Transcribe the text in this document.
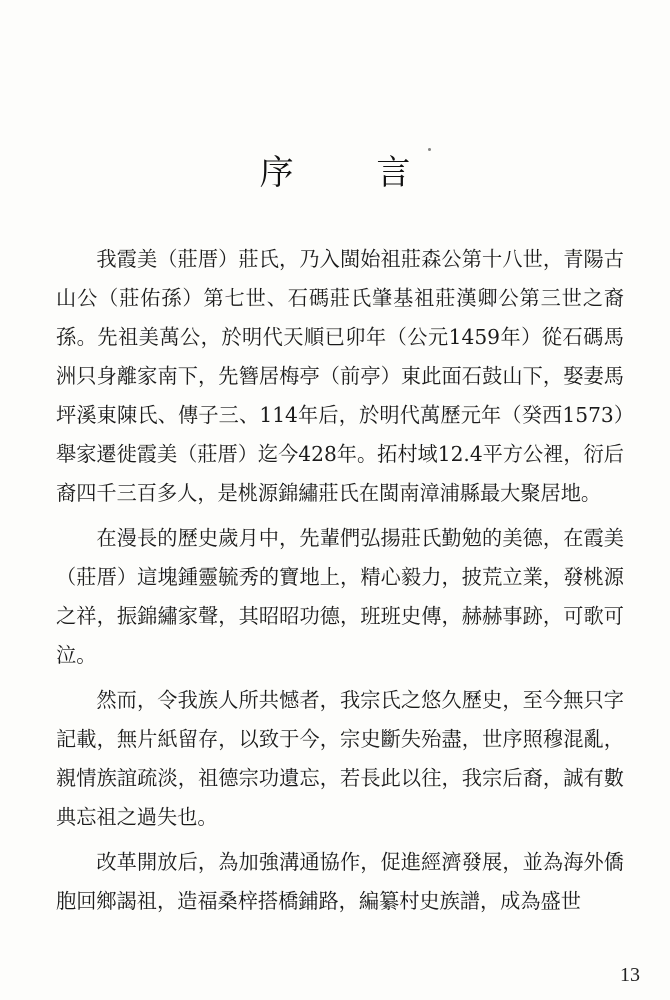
序 言

我霞美（莊厝）莊氏，乃入閩始祖莊森公第十八世，青陽古山公（莊佑孫）第七世、石碼莊氏肇基祖莊漢卿公第三世之裔孫。先祖美萬公，於明代天順已卯年（公元1459年）從石碼馬洲只身離家南下，先簪居梅亭（前亭）東此面石鼓山下，娶妻馬坪溪東陳氏、傳子三、114年后，於明代萬歷元年（癸西1573）舉家遷徙霞美（莊厝）迄今428年。拓村域12.4平方公裡，衍后裔四千三百多人，是桃源錦繡莊氏在閩南漳浦縣最大聚居地。

在漫長的歷史歲月中，先輩們弘揚莊氏勤勉的美德，在霞美（莊厝）這塊鍾靈毓秀的寶地上，精心毅力，披荒立業，發桃源之祥，振錦繡家聲，其昭昭功德，班班史傳，赫赫事跡，可歌可泣。

然而，令我族人所共憾者，我宗氏之悠久歷史，至今無只字記載，無片紙留存，以致于今，宗史斷失殆盡，世序照穆混亂，親情族誼疏淡，祖德宗功遺忘，若長此以往，我宗后裔，誠有數典忘祖之過失也。

改革開放后，為加強溝通協作，促進經濟發展，並為海外僑胞回鄉謁祖，造福桑梓搭橋鋪路，編纂村史族譜，成為盛世

13
